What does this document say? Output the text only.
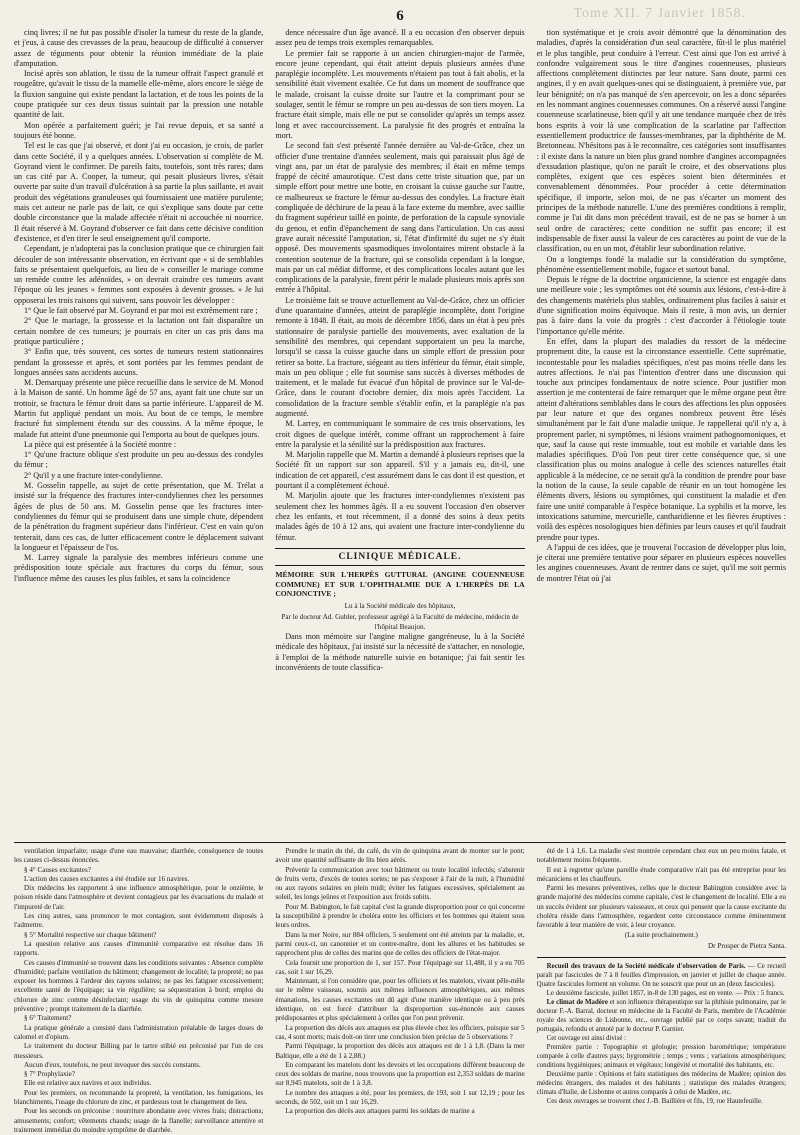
Tome XII. 7 Janvier 1858.
6

cinq livres; il ne fut pas possible d'isoler la tumeur du reste de la glande, et j'eus, à cause des crevasses de la peau, beaucoup de difficulté à conserver assez de téguments pour obtenir la réunion immédiate de la plaie d'amputation.

Incisé après son ablation, le tissu de la tumeur offrait l'aspect granulé et rougeâtre, qu'avait le tissu de la mamelle elle-même, alors encore le siége de la fluxion sanguine qui existe pendant la lactation, et de tous les points de la coupe pratiquée sur ces deux tissus suintait par la pression une notable quantité de lait.

Mon opérée a parfaitement guéri; je l'ai revue depuis, et sa santé a toujours été bonne.

Tel est le cas que j'ai observé, et dont j'ai eu occasion, je crois, de parler dans cette Société, il y a quelques années. L'observation si complète de M. Goyrand vient le confirmer. De pareils faits, toutefois, sont très rares; dans un cas cité par A. Cooper, la tumeur, qui pesait plusieurs livres, s'était ouverte par suite d'un travail d'ulcération à sa partie la plus saillante, et avait produit des végétations granuleuses qui fournissaient une matière purulente; mais cet auteur ne parle pas de lait, ce qui s'explique sans doute par cette double circonstance que la malade affectée n'était ni accouchée ni nourrice. Il était réservé à M. Goyrand d'observer ce fait dans cette décisive condition d'existence, et d'en tirer le seul enseignement qu'il comporte.

Cependant, je n'adopterai pas la conclusion pratique que ce chirurgien fait découler de son intéressante observation, en écrivant que « si de semblables faits se présentaient quelquefois, au lieu de » conseiller le mariage comme un remède contre les adénoïdes, » on devrait craindre ces tumeurs avant l'époque où les jeunes » femmes sont exposées à devenir grosses. » Je lui opposerai les trois raisons qui suivent, sans pouvoir les développer :

1° Que le fait observé par M. Goyrand et par moi est extrêmement rare ;

2° Que le mariage, la grossesse et la lactation ont fait disparaître un certain nombre de ces tumeurs; je pourrais en citer un cas pris dans ma pratique particulière ;

3° Enfin que, très souvent, ces sortes de tumeurs restent stationnaires pendant la grossesse et après, et sont portées par les femmes pendant de longues années sans accidents aucuns.

M. Demarquay présente une pièce recueillie dans le service de M. Monod à la Maison de santé. Un homme âgé de 57 ans, ayant fait une chute sur un trottoir, se fractura le fémur droit dans sa partie inférieure. L'appareil de M. Martin fut appliqué pendant un mois. Au bout de ce temps, le membre fracturé fut simplement étendu sur des coussins. A la même époque, le malade fut atteint d'une pneumonie qui l'emporta au bout de quelques jours.

La pièce qui est présentée à la Société montre :

1° Qu'une fracture oblique s'est produite un peu au-dessus des condyles du fémur ;

2° Qu'il y a une fracture inter-condylienne.

M. Gosselin rappelle, au sujet de cette présentation, que M. Trélat a insisté sur la fréquence des fractures inter-condyliennes chez les personnes âgées de plus de 50 ans. M. Gosselin pense que les fractures inter-condyliennes du fémur qui se produisent dans une simple chute, dépendent de la pénétration du fragment supérieur dans l'inférieur. C'est en vain qu'on tenterait, dans ces cas, de lutter efficacement contre le déplacement suivant la longueur et l'épaisseur de l'os.

M. Larrey signale la paralysie des membres inférieurs comme une prédisposition toute spéciale aux fractures du corps du fémur, sous l'influence même des causes les plus faibles, et sans la coïncidence

dence nécessaire d'un âge avancé. Il a eu occasion d'en observer depuis assez peu de temps trois exemples remarquables.

Le premier fait se rapporte à un ancien chirurgien-major de l'armée, encore jeune cependant, qui était atteint depuis plusieurs années d'une paraplégie incomplète. Les mouvements n'étaient pas tout à fait abolis, et la sensibilité était vivement exaltée. Ce fut dans un moment de souffrance que le malade, croisant la cuisse droite sur l'autre et la comprimant pour se soulager, sentit le fémur se rompre un peu au-dessus de son tiers moyen. La fracture était simple, mais elle ne put se consolider qu'après un temps assez long et avec raccourcissement. La paralysie fit des progrès et entraîna la mort.

Le second fait s'est présenté l'année dernière au Val-de-Grâce, chez un officier d'une trentaine d'années seulement, mais qui paraissait plus âgé de vingt ans, par un état de paralysie des membres; il était en même temps frappé de cécité amaurotique. C'est dans cette triste situation que, par un simple effort pour mettre une botte, en croisant la cuisse gauche sur l'autre, ce malheureux se fracture le fémur au-dessus des condyles. La fracture était compliquée de déchirure de la peau à la face externe du membre, avec saillie du fragment supérieur taillé en pointe, de perforation de la capsule synoviale du genou, et enfin d'épanchement de sang dans l'articulation. Un cas aussi grave aurait nécessité l'amputation, si, l'état d'infirmité du sujet ne s'y était opposé. Des mouvements spasmodiques involontaires mirent obstacle à la contention soutenue de la fracture, qui se consolida cependant à la longue, mais par un cal médiat difforme, et des complications locales autant que les complications de la paralysie, firent périr le malade plusieurs mois après son entrée à l'hôpital.

Le troisième fait se trouve actuellement au Val-de-Grâce, chez un officier d'une quarantaine d'années, atteint de paraplégie incomplète, dont l'origine remonte à 1848. Il était, au mois de décembre 1856, dans un état à peu près stationnaire de paralysie partielle des mouvements, avec exaltation de la sensibilité des membres, qui cependant supportaient un peu la marche, lorsqu'il se cassa la cuisse gauche dans un simple effort de pression pour retirer sa botte. La fracture, siégeant au tiers inférieur du fémur, était simple, mais un peu oblique ; elle fut soumise sans succès à diverses méthodes de traitement, et le malade fut évacué d'un hôpital de province sur le Val-de-Grâce, dans le courant d'octobre dernier, dix mois après l'accident. La consolidation de la fracture semble s'établir enfin, et la paraplégie n'a pas augmenté.

M. Larrey, en communiquant le sommaire de ces trois observations, les croit dignes de quelque intérêt, comme offrant un rapprochement à faire entre la paralysie et la sénilité sur la prédisposition aux fractures.

M. Marjolin rappelle que M. Martin a demandé à plusieurs reprises que la Société fît un rapport sur son appareil. S'il y a jamais eu, dit-il, une indication de cet appareil, c'est assurément dans le cas dont il est question, et pourtant il a complètement échoué.

M. Marjolin ajoute que les fractures inter-condyliennes n'existent pas seulement chez les hommes âgés. Il a eu souvent l'occasion d'en observer chez les enfants, et tout récemment, il a donné des soins à deux petits malades âgés de 10 à 12 ans, qui avaient une fracture inter-condylienne du fémur.

CLINIQUE MÉDICALE.
MÉMOIRE SUR L'HERPÈS GUTTURAL (ANGINE COUENNEUSE COMMUNE) ET SUR L'OPHTHALMIE DUE A L'HERPÈS DE LA CONJONCTIVE ;

Lu à la Société médicale des hôpitaux,

Par le docteur Ad. Gubler, professeur agrégé à la Faculté de médecine, médecin de l'hôpital Beaujon.

Dans mon mémoire sur l'angine maligne gangréneuse, lu à la Société médicale des hôpitaux, j'ai insisté sur la nécessité de s'attacher, en nosologie, à l'emploi de la méthode naturelle suivie en botanique; j'ai fait sentir les inconvénients de toute classifica-

tion systématique et je crois avoir démontré que la dénomination des maladies, d'après la considération d'un seul caractère, fût-il le plus matériel et le plus tangible, peut conduire à l'erreur. C'est ainsi que l'on est arrivé à confondre vulgairement sous le titre d'angines couenneuses, plusieurs affections complétement distinctes par leur nature. Sans doute, parmi ces angines, il y en avait quelques-unes qui se distinguaient, à première vue, par leur bénignité; on n'a pas manqué de s'en apercevoir, on les a donc séparées en les nommant angines couenneuses communes. On a réservé aussi l'angine couenneuse scarlatineuse, bien qu'il y ait une tendance marquée chez de très bons esprits à voir là une complication de la scarlatine par l'affection essentiellement productrice de fausses-membranes, par la diphthérite de M. Bretonneau. N'hésitons pas à le reconnaître, ces catégories sont insuffisantes : il existe dans la nature un bien plus grand nombre d'angines accompagnées d'exsudation plastique, qu'on ne paraît le croire, et des observations plus complètes, exigent que ces espèces soient bien déterminées et convenablement dénommées. Pour procéder à cette détermination spécifique, il importe, selon moi, de ne pas s'écarter un moment des principes de la méthode naturelle. L'une des premières conditions à remplir, comme je l'ai dit dans mon précédent travail, est de ne pas se borner à un seul ordre de caractères; cette condition ne suffit pas encore; il est indispensable de fixer aussi la valeur de ces caractères au point de vue de la classification, ou en un mot, d'établir leur subordination relative.

On a longtemps fondé la maladie sur la considération du symptôme, phénomène essentiellement mobile, fugace et surtout banal.

Depuis le règne de la doctrine organicienne, la science est engagée dans une meilleure voie ; les symptômes ont été soumis aux lésions, c'est-à-dire à des changements matériels plus stables, ordinairement plus faciles à saisir et d'une signification moins équivoque. Mais il reste, à mon avis, un dernier pas à faire dans la voie du progrès : c'est d'accorder à l'étiologie toute l'importance qu'elle mérite.

En effet, dans la plupart des maladies du ressort de la médecine proprement dite, la cause est la circonstance essentielle. Cette suprématie, incontestable pour les maladies spécifiques, n'est pas moins réelle dans les autres affections. Je n'ai pas l'intention d'entrer dans une discussion qui touche aux principes fondamentaux de notre science. Pour justifier mon assertion je me contenterai de faire remarquer que le même organe peut être atteint d'altérations semblables dans le cours des affections les plus opposées par leur nature et que des organes nombreux peuvent être lésés simultanément par le fait d'une maladie unique. Je rappellerai qu'il n'y a, à proprement parler, ni symptômes, ni lésions vraiment pathognomoniques, et que, sauf la cause qui reste immuable, tout est mobile et variable dans les maladies spécifiques. D'où l'on peut tirer cette conséquence que, si une classification plus ou moins analogue à celle des sciences naturelles était applicable à la médecine, ce ne serait qu'à la condition de prendre pour base la notion de la cause, la seule capable de réunir en un tout homogène les éléments divers, lésions ou symptômes, qui constituent la maladie et d'en faire une unité comparable à l'espèce botanique. La syphilis et la morve, les intoxications saturnine, mercurielle, cantharidienne et les fièvres éruptives : voilà des espèces nosologiques bien définies par leurs causes et qu'il faudrait prendre pour types.

A l'appui de ces idées, que je trouverai l'occasion de développer plus loin, je citerai une première tentative pour séparer en plusieurs espèces nouvelles les angines couenneuses. Avant de rentrer dans ce sujet, qu'il me soit permis de montrer l'état où j'ai

ventilation imparfaite; usage d'une eau mauvaise; diarrhée, conséquence de toutes les causes ci-dessus énoncées.

§ 4° Causes excitantes?

L'action des causes excitantes a été étudiée sur 16 navires.

Dix médecins les rapportent à une influence atmosphérique, pour le onzième, le poison réside dans l'atmosphère et devient contagieux par les évacuations du malade et l'impureté de l'air.

Les cinq autres, sans prononcer le mot contagion, sont évidemment disposés à l'admettre.

§ 5° Mortalité respective sur chaque bâtiment?

La question relative aux causes d'immunité comparative est résolue dans 16 rapports.

Ces causes d'immunité se trouvent dans les conditions suivantes : Absence complète d'humidité; parfaite ventilation du bâtiment; changement de localité; la propreté; ne pas exposer les hommes à l'ardeur des rayons solaires; ne pas les fatiguer excessivement; excellente santé de l'équipage; sa vie régulière; sa séquestration à bord; emploi du chlorure de zinc comme désinfectant; usage du vin de quinquina comme mesure préventive ; prompt traitement de la diarrhée.

§ 6° Traitement?

La pratique générale a consisté dans l'administration préalable de larges doses de calomel et d'opium.

Le traitement du docteur Billing par le tartre stibié est préconisé par l'un de ces messieurs.

Aucun d'eux, toutefois, ne peut invoquer des succès constants.

§ 7° Prophylaxie?

Elle est relative aux navires et aux individus.

Pour les premiers, on recommande la propreté, la ventilation, les fumigations, les blanchiments, l'usage du chlorure de zinc, et pardessus tout le changement de lieu.

Pour les seconds on préconise : nourriture abondante avec vivres frais; distractions; amusements; confort; vêtements chauds; usage de la flanelle; surveillance attentive et traitement immédiat du moindre symptôme de diarrhée.

Prendre le matin du thé, du café, du vin de quinquina avant de monter sur le pont; avoir une quantité suffisante de lits bien aérés.

Prévenir la communication avec tout bâtiment ou toute localité infectés; s'abstenir de fruits verts, d'excès de toutes sortes; ne pas s'exposer à l'air de la nuit, à l'humidité ou aux rayons solaires en plein midi; éviter les fatigues excessives, spécialement au soleil, les longs jeûnes et l'exposition aux froids subits.

Pour M. Babington, le fait capital c'est la grande disproportion pour ce qui concerne la susceptibilité à prendre le choléra entre les officiers et les hommes qui étaient sous leurs ordres.

Dans la mer Noire, sur 884 officiers, 5 seulement ont été atteints par la maladie, et, parmi ceux-ci, un canonnier et un contre-maître, dont les allures et les habitudes se rapprochent plus de celles des marins que de celles des officiers de l'état-major.

Cela fournit une proportion de 1, sur 157. Pour l'équipage sur 11,488, il y a eu 705 cas, soit 1 sur 16,29.

Maintenant, si l'on considère que, pour les officiers et les matelots, vivant pêle-mêle sur le même vaisseau, soumis aux mêmes influences atmosphériques, aux mêmes émanations, les causes excitantes ont dû agir d'une manière identique ou à peu près identique, on est forcé d'attribuer la disproportion sus-énoncée aux causes prédisposantes et plus spécialement à celles que l'on peut prévenir.

La proportion des décès aux attaques est plus élevée chez les officiers, puisque sur 5 cas, 4 sont morts; mais doit-on tirer une conclusion bien précise de 5 observations ?

Parmi l'équipage, la proportion des décès aux attaques est de 1 à 1,8. (Dans la mer Baltique, elle a été de 1 à 2,88.)

En comparant les matelots dont les devoirs et les occupations diffèrent beaucoup de ceux des soldats de marine, nous trouvons que la proportion est 2,353 soldats de marine sur 8,945 matelots, soit de 1 à 3,8.

Le nombre des attaques a été, pour les premiers, de 193, soit 1 sur 12,19 ; pour les seconds, de 502, soit un 1 sur 16,29.

La proportion des décès aux attaques parmi les soldats de marine a

été de 1 à 1,6. La maladie s'est montrée cependant chez eux un peu moins fatale, et notablement moins fréquente.

Il est à regretter qu'une pareille étude comparative n'ait pas été entreprise pour les mécaniciens et les chauffeurs.

Parmi les mesures préventives, celles que le docteur Babington considère avec la grande majorité des médecins comme capitale, c'est le changement de localité. Elle a eu un succès évident sur plusieurs vaisseaux, et ceux qui pensent que la cause excitante du choléra réside dans l'atmosphère, regardent cette circonstance comme éminemment favorable à leur manière de voir, à leur croyance.

(La suite prochainement.)

Dr Prosper de Pietra Santa.

Recueil des travaux de la Société médicale d'observation de Paris. — Ce recueil paraît par fascicules de 7 à 8 feuilles d'impression, en janvier et juillet de chaque année. Quatre fascicules forment un volume. On ne souscrit que pour un an (deux fascicules).

Le deuxième fascicule, juillet 1857, in-8 de 130 pages, est en vente. — Prix : 5 francs.

Le climat de Madère et son influence thérapeutique sur la phthisie pulmonaire, par le docteur F.-A. Barral, docteur en médecine de la Faculté de Paris, membre de l'Académie royale des sciences de Lisbonne, etc., ouvrage publié par ce corps savant; traduit du portugais, refondu et annoté par le docteur P. Garnier.

Cet ouvrage est ainsi divisé :

Première partie : Topographie et géologie; pression barométrique; température comparée à celle d'autres pays; hygrométrie ; temps ; vents ; variations atmosphériques; conditions hygiéniques; animaux et végétaux; longévité et mortalité des habitants, etc.

Deuxième partie : Opinions et faits statistiques des médecins de Madère; opinion des médecins étrangers, des malades et des habitants ; statistique des malades étrangers; climats d'Italie, de Lisbonne et autres comparés à celui de Madère, etc.

Ces deux ouvrages se trouvent chez J.-B. Baillière et fils, 19, rue Hautefeuille.
